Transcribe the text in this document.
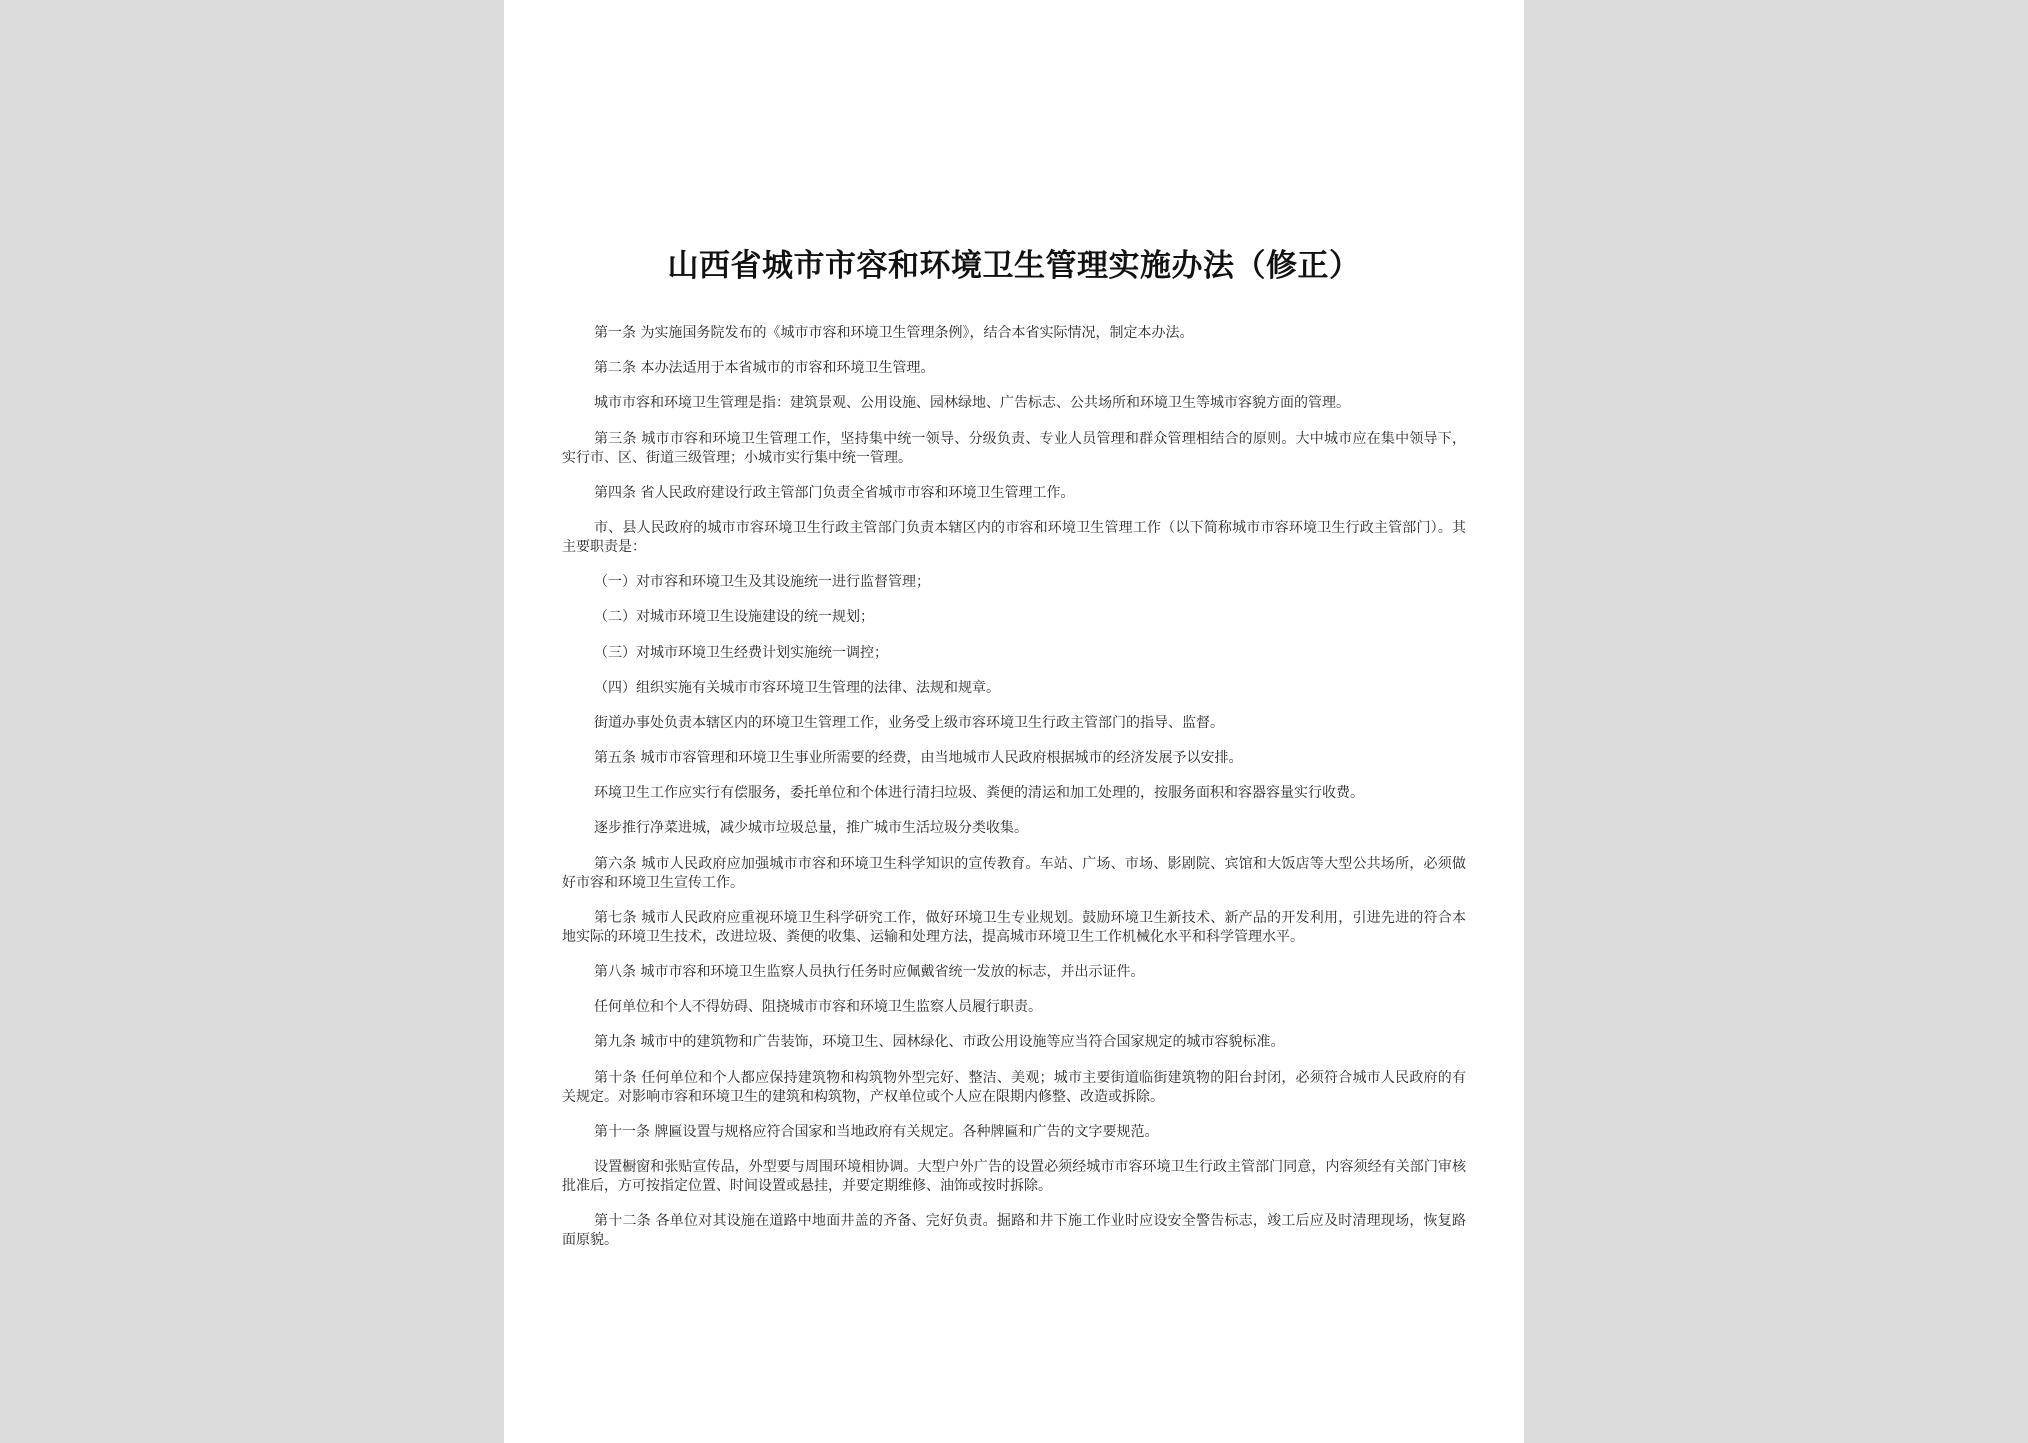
山西省城市市容和环境卫生管理实施办法（修正）

第一条 为实施国务院发布的《城市市容和环境卫生管理条例》，结合本省实际情况，制定本办法。

第二条 本办法适用于本省城市的市容和环境卫生管理。

城市市容和环境卫生管理是指：建筑景观、公用设施、园林绿地、广告标志、公共场所和环境卫生等城市容貌方面的管理。

第三条 城市市容和环境卫生管理工作，坚持集中统一领导、分级负责、专业人员管理和群众管理相结合的原则。大中城市应在集中领导下，实行市、区、街道三级管理；小城市实行集中统一管理。

第四条 省人民政府建设行政主管部门负责全省城市市容和环境卫生管理工作。

市、县人民政府的城市市容环境卫生行政主管部门负责本辖区内的市容和环境卫生管理工作（以下简称城市市容环境卫生行政主管部门）。其主要职责是：

（一）对市容和环境卫生及其设施统一进行监督管理；

（二）对城市环境卫生设施建设的统一规划；

（三）对城市环境卫生经费计划实施统一调控；

（四）组织实施有关城市市容环境卫生管理的法律、法规和规章。

街道办事处负责本辖区内的环境卫生管理工作，业务受上级市容环境卫生行政主管部门的指导、监督。

第五条 城市市容管理和环境卫生事业所需要的经费，由当地城市人民政府根据城市的经济发展予以安排。

环境卫生工作应实行有偿服务，委托单位和个体进行清扫垃圾、粪便的清运和加工处理的，按服务面积和容器容量实行收费。

逐步推行净菜进城，减少城市垃圾总量，推广城市生活垃圾分类收集。

第六条 城市人民政府应加强城市市容和环境卫生科学知识的宣传教育。车站、广场、市场、影剧院、宾馆和大饭店等大型公共场所，必须做好市容和环境卫生宣传工作。

第七条 城市人民政府应重视环境卫生科学研究工作，做好环境卫生专业规划。鼓励环境卫生新技术、新产品的开发利用，引进先进的符合本地实际的环境卫生技术，改进垃圾、粪便的收集、运输和处理方法，提高城市环境卫生工作机械化水平和科学管理水平。

第八条 城市市容和环境卫生监察人员执行任务时应佩戴省统一发放的标志，并出示证件。

任何单位和个人不得妨碍、阻挠城市市容和环境卫生监察人员履行职责。

第九条 城市中的建筑物和广告装饰，环境卫生、园林绿化、市政公用设施等应当符合国家规定的城市容貌标准。

第十条 任何单位和个人都应保持建筑物和构筑物外型完好、整洁、美观；城市主要街道临街建筑物的阳台封闭，必须符合城市人民政府的有关规定。对影响市容和环境卫生的建筑和构筑物，产权单位或个人应在限期内修整、改造或拆除。

第十一条 牌匾设置与规格应符合国家和当地政府有关规定。各种牌匾和广告的文字要规范。

设置橱窗和张贴宣传品，外型要与周围环境相协调。大型户外广告的设置必须经城市市容环境卫生行政主管部门同意，内容须经有关部门审核批准后，方可按指定位置、时间设置或悬挂，并要定期维修、油饰或按时拆除。

第十二条 各单位对其设施在道路中地面井盖的齐备、完好负责。掘路和井下施工作业时应设安全警告标志，竣工后应及时清理现场，恢复路面原貌。
